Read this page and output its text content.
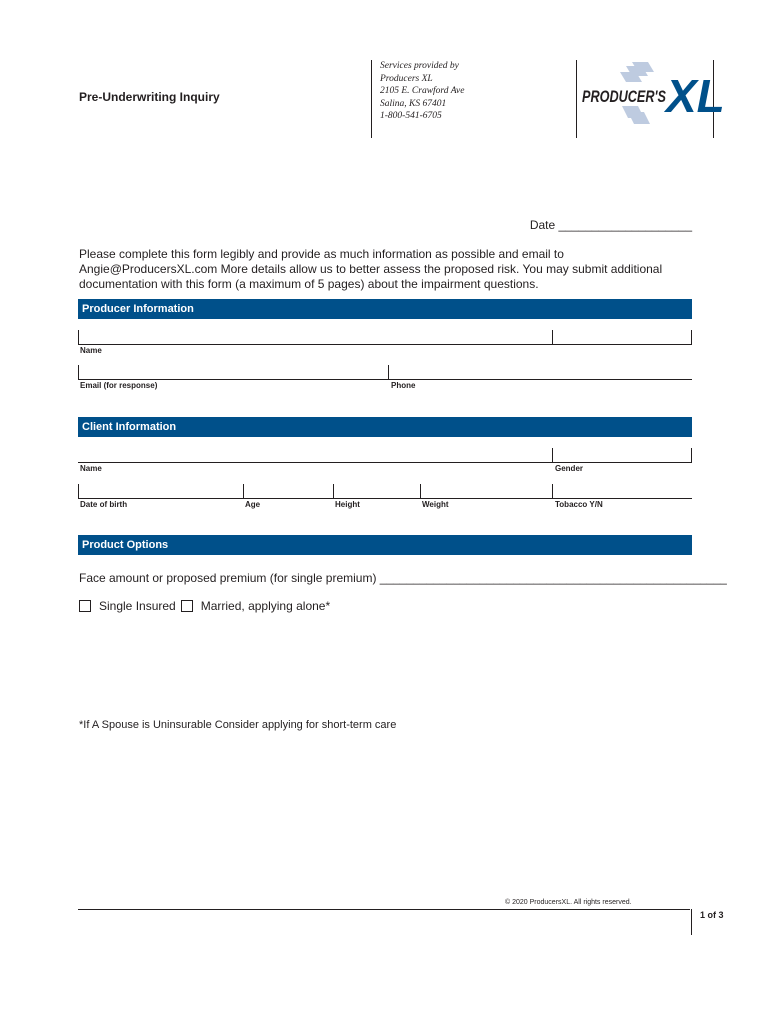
Pre-Underwriting Inquiry
Services provided by
Producers XL
2105 E. Crawford Ave
Salina, KS 67401
1-800-541-6705	XL
PRODUCER'S
Date ____________________
Please complete this form legibly and provide as much information as possible and email to Angie@ProducersXL.com More details allow us to better assess the proposed risk. You may submit additional documentation with this form (a maximum of 5 pages) about the impairment questions.
Producer Information
Name
Email (for response)	Phone
Client Information
Name	Gender
Date of birth	Age	Height	Weight	Tobacco Y/N
Product Options
Face amount or proposed premium (for single premium) ____________________________________________________
Single Insured Married, applying alone*
*If A Spouse is Uninsurable Consider applying for short-term care
© 2020 ProducersXL. All rights reserved.
1 of 3
